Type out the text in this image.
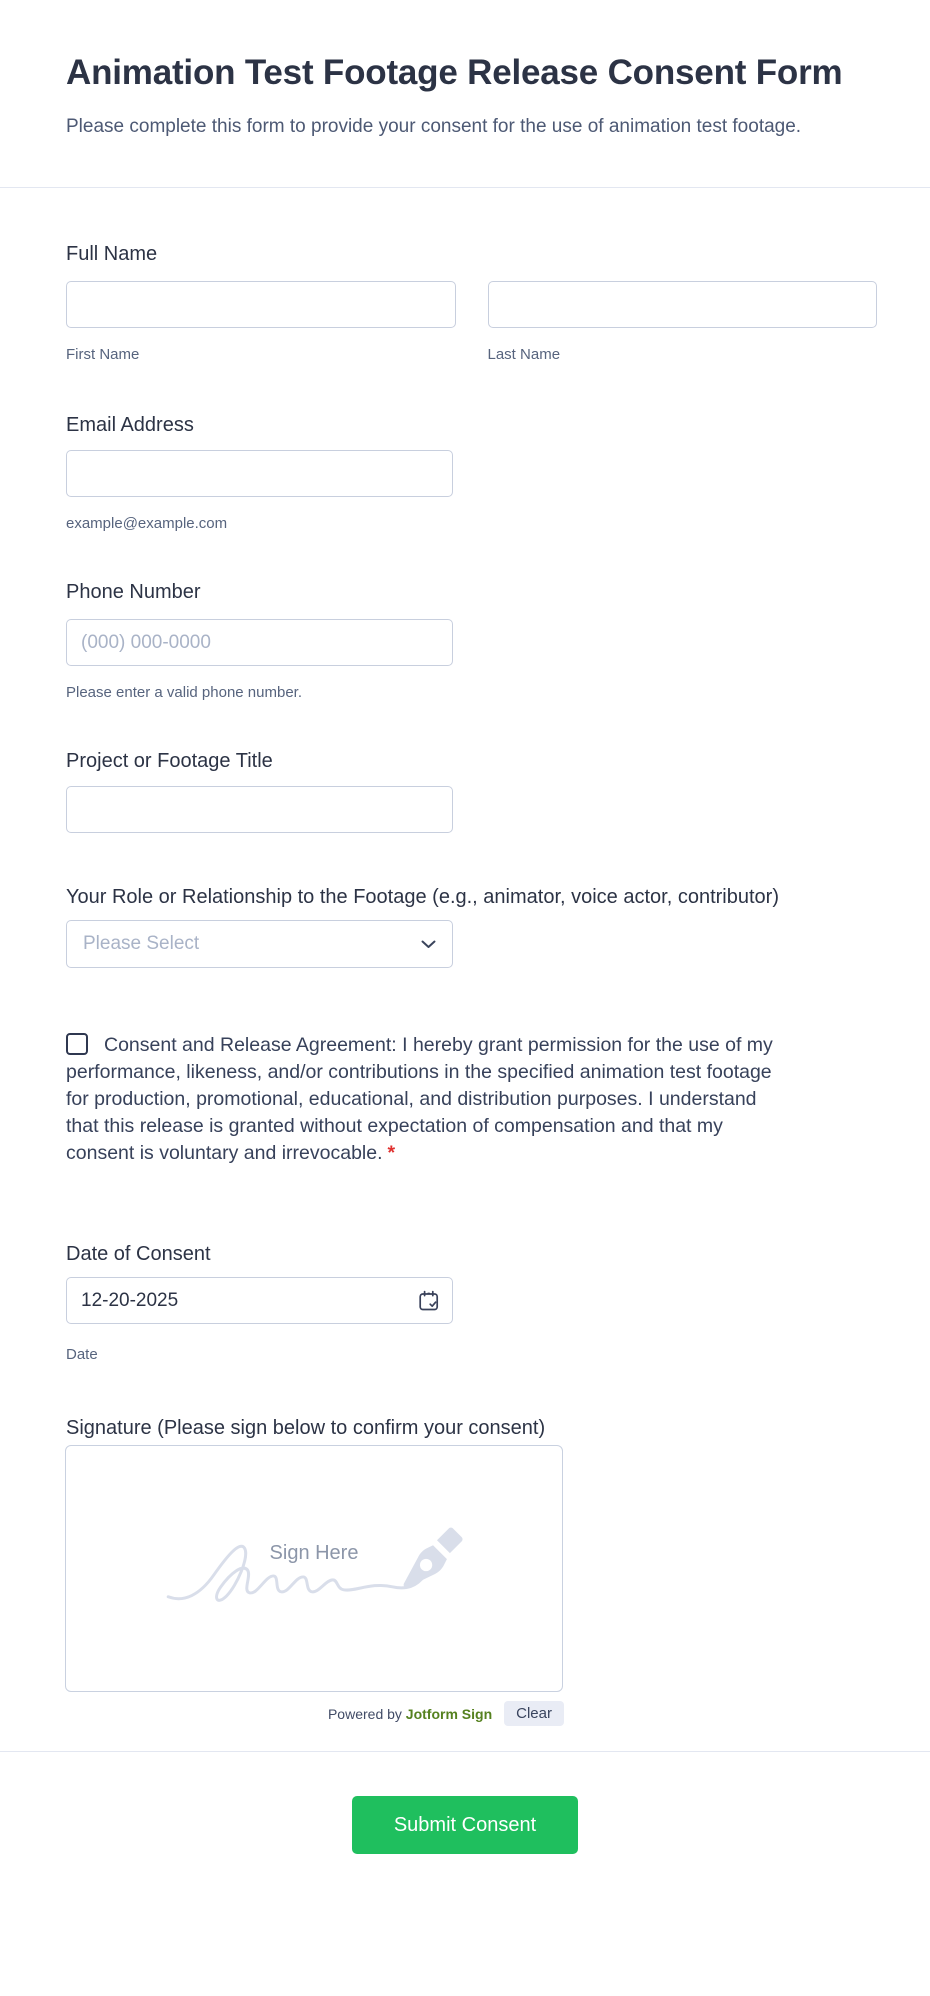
Animation Test Footage Release Consent Form

Please complete this form to provide your consent for the use of animation test footage.

Full Name
First Name	Last Name
Email Address
example@example.com
Phone Number
(000) 000-0000
Please enter a valid phone number.
Project or Footage Title
Your Role or Relationship to the Footage (e.g., animator, voice actor, contributor)
Please Select
Consent and Release Agreement: I hereby grant permission for the use of my performance, likeness, and/or contributions in the specified animation test footage for production, promotional, educational, and distribution purposes. I understand that this release is granted without expectation of compensation and that my consent is voluntary and irrevocable. *
Date of Consent
12-20-2025
Date
Signature (Please sign below to confirm your consent)
Sign Here
Powered by Jotform Sign	Clear
Submit Consent
